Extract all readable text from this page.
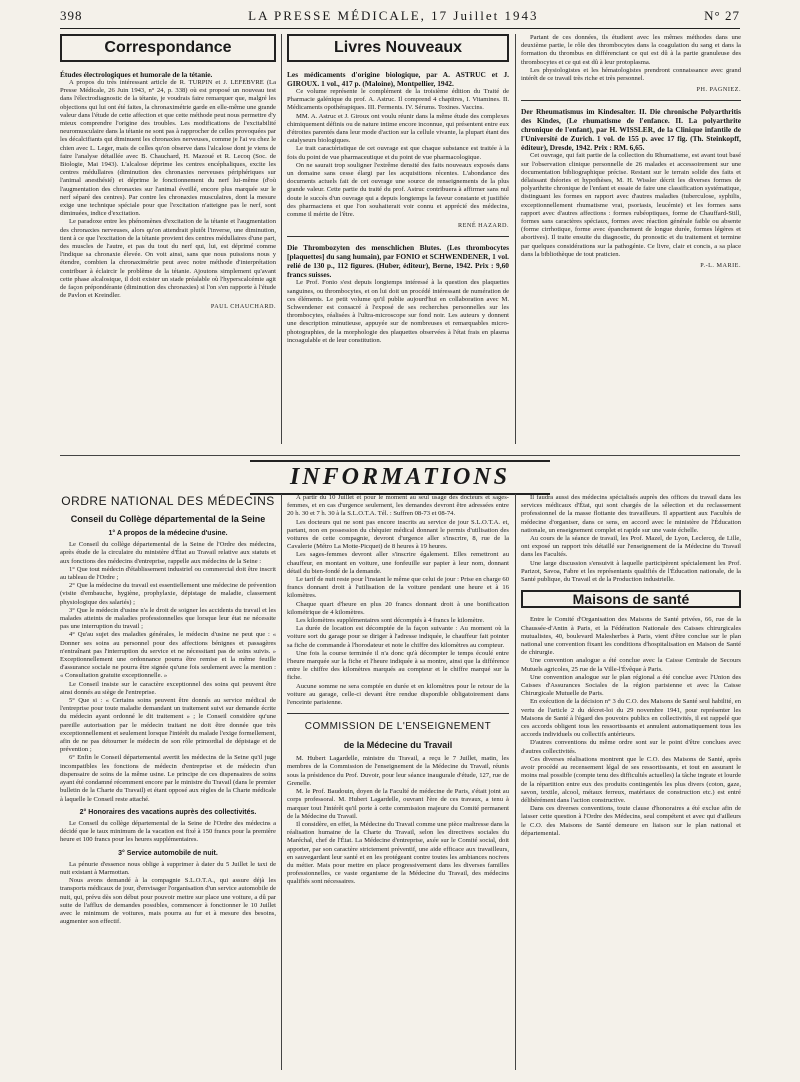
398	LA PRESSE MÉDICALE, 17 Juillet 1943	N° 27
Correspondance

Études électrologiques et humorale de la tétanie.

A propos du très intéressant article de R. TURPIN et J. LEFEBVRE (La Presse Médicale, 26 Juin 1943, n° 24, p. 338) où est proposé un nouveau test dans l'électrodiagnostic de la tétanie, je voudrais faire remarquer que, malgré les objections qui lui ont été faites, la chronaximétrie garde en elle-même une grande valeur dans l'étude de cette affection et que cette méthode peut nous permettre d'y mieux comprendre l'origine des troubles. Les modifications de l'excitabilité neuromusculaire dans la tétanie ne sont pas à rapprocher de celles provoquées par les décalcifiants qui diminuent les chronaxies nerveuses, comme je l'ai vu chez le chien avec L. Leger, mais de celles qu'on observe dans l'alcalose dont je viens de faire l'analyse détaillée avec B. Chauchard, H. Mazoué et R. Lecoq (Soc. de Biologie, Mai 1943). L'alcalose déprime les centres encéphaliques, excite les centres médullaires (diminution des chronaxies nerveuses périphériques sur l'animal anesthésié) et déprime le fonctionnement du nerf lui-même (d'où l'augmentation des chronaxies sur l'animal éveillé, encore plus marquée sur le nerf séparé des centres). Par contre les chronaxies musculaires, dont la mesure exige une technique spéciale pour que l'excitation n'atteigne pas le nerf, sont diminuées, indice d'excitation.

Le paradoxe entre les phénomènes d'excitation de la tétanie et l'augmentation des chronaxies nerveuses, alors qu'on attendrait plutôt l'inverse, une diminution, tient à ce que l'excitation de la tétanie provient des centres médullaires d'une part, des muscles de l'autre, et pas du tout du nerf qui, lui, est déprimé comme l'indique sa chronaxie élevée. On voit ainsi, sans que nous puissions nous y étendre, combien la chronaximétrie peut avec notre méthode d'interprétation contribuer à éclaircir le problème de la tétanie. Ajoutons simplement qu'avant cette phase alcalosique, il doit exister un stade préalable où l'hyperscalcémie agit de façon prépondérante (diminution des chronaxies) si l'on s'en rapporte à l'étude de Pavlon et Kreindler.

PAUL CHAUCHARD.
Livres Nouveaux

Les médicaments d'origine biologique, par A. ASTRUC et J. GIROUX. 1 vol., 417 p. (Maloine), Montpellier, 1942.

Ce volume représente le complément de la troisième édition du Traité de Pharmacie galénique du prof. A. Astruc. Il comprend 4 chapitres, I. Vitamines. II. Médicaments opothérapiques. III. Ferments. IV. Sérums. Toxines. Vaccins.

MM. A. Astruc et J. Giroux ont voulu réunir dans la même étude des complexes chimiquement définis ou de nature intime encore inconnue, qui présentent entre eux d'étroites parentés dans leur mode d'action sur la cellule vivante, la plupart étant des catalyseurs biologiques.

Le trait caractéristique de cet ouvrage est que chaque substance est traitée à la fois du point de vue pharmaceutique et du point de vue pharmacologique.

On ne saurait trop souligner l'extrême densité des faits nouveaux exposés dans un domaine sans cesse élargi par les acquisitions récentes. L'abondance des documents actuels fait de cet ouvrage une source de renseignements de la plus grande valeur. Cette partie du traité du prof. Astruc contribuera à affirmer sans nul doute le succès d'un ouvrage qui a depuis longtemps la faveur constante et justifiée des pharmaciens et que l'on souhaiterait voir connu et apprécié des médecins, comme il mérite de l'être.

RENÉ HAZARD.

Die Thrombozyten des menschlichen Blutes. (Les thrombocytes [plaquettes] du sang humain), par FONIO et SCHWENDENER, 1 vol. relié de 130 p., 112 figures. (Huber, éditeur), Berne, 1942. Prix : 9,60 francs suisses.

Le Prof. Fonio s'est depuis longtemps intéressé à la question des plaquettes sanguines, ou thrombocytes, et on lui doit un procédé intéressant de numération de ces éléments. Le petit volume qu'il publie aujourd'hui en collaboration avec M. Schwendener est consacré à l'exposé de ses recherches personnelles sur les thrombocytes, réalisées à l'ultra-microscope sur fond noir. Les auteurs y donnent une description minutieuse, appuyée sur de nombreuses et remarquables micro-photographies, de la morphologie des plaquettes observées à l'état frais en plasma incoagulable et de leur constitution.

Partant de ces données, ils étudient avec les mêmes méthodes dans une deuxième partie, le rôle des thrombocytes dans la coagulation du sang et dans la formation du thrombus en différenciant ce qui est dû à la partie granuleuse des thrombocytes et ce qui est dû à leur protoplasma.

Les physiologistes et les hématologistes prendront connaissance avec grand intérêt de ce travail très riche et très personnel.

PH. PAGNIEZ.

Der Rheumatismus im Kindesalter. II. Die chronische Polyarthritis des Kindes, (Le rhumatisme de l'enfance. II. La polyarthrite chronique de l'enfant), par H. WISSLER, de la Clinique infantile de l'Université de Zurich. 1 vol. de 155 p. avec 17 fig. (Th. Steinkopff, éditeur), Dresde, 1942. Prix : RM. 6,65.

Cet ouvrage, qui fait partie de la collection du Rhumatisme, est avant tout basé sur l'observation clinique personnelle de 26 malades et accessoirement sur une documentation bibliographique précise. Restant sur le terrain solide des faits et délaissant théories et hypothèses, M. H. Wissler décrit les diverses formes de polyarthrite chronique de l'enfant et essaie de faire une classification systématique, distinguant les formes en rapport avec d'autres maladies (tuberculose, syphilis, exceptionnellement rhumatisme vrai, psoriasis, leucémie) et les formes sans rapport avec d'autres affections : formes rubéoptiques, forme de Chauffard-Still, formes sans caractères spéciaux, formes avec réaction générale faible ou absente (forme cirrhotique, forme avec épanchement de longue durée, formes légères et abortives). Il traite ensuite du diagnostic, du pronostic et du traitement et termine par quelques considérations sur la pathogénie. Ce livre, clair et concis, a sa place dans la bibliothèque de tout praticien.

P.-L. MARIE.
INFORMATIONS
ORDRE NATIONAL DES MÉDECINS
Conseil du Collège départemental de la Seine
1° A propos de la médecine d'usine.

Le Conseil du collège départemental de la Seine de l'Ordre des médecins, après étude de la circulaire du ministère d'État au Travail relative aux statuts et aux fonctions des médecins d'entreprise, rappelle aux médecins de la Seine :

1° Que tout médecin d'établissement industriel ou commercial doit être inscrit au tableau de l'Ordre ;

2° Que la médecine du travail est essentiellement une médecine de prévention (visite d'embauche, hygiène, prophylaxie, dépistage de maladie, classement physiologique des salariés) ;

3° Que le médecin d'usine n'a le droit de soigner les accidents du travail et les malades atteints de maladies professionnelles que lorsque leur état ne nécessite pas une interruption du travail ;

4° Qu'au sujet des maladies générales, le médecin d'usine ne peut que : « Donner ses soins au personnel pour des affections bénignes et passagères n'entraînant pas l'interruption du service et ne nécessitant pas de soins suivis. » Exceptionnellement une ordonnance pourra être remise et la même feuille d'assurance sociale ne pourra être signée qu'une fois seulement avec la mention : « Consultation gratuite exceptionnelle. »

Le Conseil insiste sur le caractère exceptionnel des soins qui peuvent être ainsi donnés au siège de l'entreprise.

5° Que si : « Certains soins peuvent être donnés au service médical de l'entreprise pour toute maladie demandant un traitement suivi sur demande écrite du médecin ayant ordonné le dit traitement » ; le Conseil considère qu'une pareille autorisation par le médecin traitant ne doit être donnée que très exceptionnellement et seulement lorsque l'intérêt du malade l'exige formellement, afin de ne pas détourner le médecin de son rôle primordial de dépistage et de prévention ;

6° Enfin le Conseil départemental avertit les médecins de la Seine qu'il juge incompatibles les fonctions de médecin d'entreprise et de médecin d'un dispensaire de soins de la même usine. Le principe de ces dispensaires de soins ayant été condamné récemment encore par le ministre du Travail (dans le premier bulletin de la Charte du Travail) et étant opposé aux règles de la Charte médicale à laquelle le Conseil reste attaché.

2° Honoraires des vacations auprès des collectivités.

Le Conseil du collège départemental de la Seine de l'Ordre des médecins a décidé que le taux minimum de la vacation est fixé à 150 francs pour la première heure et 100 francs pour les heures supplémentaires.

3° Service automobile de nuit.

La pénurie d'essence nous oblige à supprimer à dater du 5 Juillet le taxi de nuit existant à Marmottan.

Nous avons demandé à la compagnie S.L.O.T.A., qui assure déjà les transports médicaux de jour, d'envisager l'organisation d'un service automobile de nuit, qui, prévu dès son début pour pouvoir mettre sur place une voiture, a dû par suite de l'afflux de demandes possibles, commencer à fonctionner le 10 Juillet avec le minimum de voitures, mais pourra au fur et à mesure des besoins, augmenter son effectif.

A partir du 10 Juillet et pour le moment au seul usage des docteurs et sages-femmes, et en cas d'urgence seulement, les demandes devront être adressées entre 20 h. 30 et 7 h. 30 à la S.L.O.T.A. Tél. : Suffren 08-73 et 08-74.

Les docteurs qui ne sont pas encore inscrits au service de jour S.L.O.T.A. et, partant, non en possession du chèquier médical donnant le permis d'utilisation des voitures de cette compagnie, devront d'urgence aller s'inscrire, 8, rue de la Cavalerie (Métro La Motte-Picquet) de 8 heures à 19 heures.

Les sages-femmes devront aller s'inscrire également. Elles remettront au chauffeur, en montant en voiture, une fonfeuille sur papier à leur nom, donnant détail du bien-fondé de la demande.

Le tarif de nuit reste pour l'instant le même que celui de jour : Prise en charge 60 francs donnant droit à l'utilisation de la voiture pendant une heure et à 16 kilomètres.

Chaque quart d'heure en plus 20 francs donnant droit à une bonification kilométrique de 4 kilomètres.

Les kilomètres supplémentaires sont décomptés à 4 francs le kilomètre.

La durée de location est décomptée de la façon suivante : Au moment où la voiture sort du garage pour se diriger à l'adresse indiquée, le chauffeur fait pointer sa fiche de commande à l'horodateur et note le chiffre des kilomètres au compteur.

Une fois la course terminée il n'a donc qu'à décompter le temps écoulé entre l'heure marquée sur la fiche et l'heure indiquée à sa montre, ainsi que la différence entre le chiffre des kilomètres marqués au compteur et le chiffre marqué sur la fiche.

Aucune somme ne sera comptée en durée et en kilomètres pour le retour de la voiture au garage, celle-ci devant être rendue disponible obligatoirement dans l'enceinte parisienne.

COMMISSION DE L'ENSEIGNEMENT
de la Médecine du Travail

M. Hubert Lagardelle, ministre du Travail, a reçu le 7 Juillet, matin, les membres de la Commission de l'enseignement de la Médecine du Travail, réunis sous la présidence du Prof. Duvoir, pour leur séance inaugurale d'étude, 127, rue de Grenelle.

M. le Prof. Baudouin, doyen de la Faculté de médecine de Paris, s'était joint au corps professoral. M. Hubert Lagardelle, ouvrant l'ère de ces travaux, a tenu à marquer tout l'intérêt qu'il porte à cette commission majeure du Comité permanent de la Médecine du Travail.

Il considère, en effet, la Médecine du Travail comme une pièce maîtresse dans la réalisation humaine de la Charte du Travail, selon les directives sociales du Maréchal, chef de l'État. La Médecine d'entreprise, axée sur le Comité social, doit apporter, par son caractère strictement préventif, une aide efficace aux travailleurs, en sauvegardant leur santé et en les protégeant contre toutes les ambiances nocives du métier. Mais pour mettre en place progressivement dans les diverses familles professionnelles, ce vaste organisme de la Médecine du Travail, des médecins qualifiés sont nécessaires.

Il faudra aussi des médecins spécialisés auprès des offices du travail dans les services médicaux d'État, qui sont chargés de la sélection et du reclassement professionnel de la masse flottante des travailleurs. Il appartient aux Facultés de médecine d'organiser, dans ce sens, en accord avec le ministère de l'Éducation nationale, un enseignement complet et rapide sur une vaste échelle.

Au cours de la séance de travail, les Prof. Mazel, de Lyon, Leclercq, de Lille, ont exposé un rapport très détaillé sur l'enseignement de la Médecine du Travail dans les Facultés.

Une large discussion s'ensuivit à laquelle participèrent spécialement les Prof. Parizot, Savoa, Fabre et les représentants qualifiés de l'Éducation nationale, de la Santé publique, du Travail et de la Production industrielle.

Maisons de santé

Entre le Comité d'Organisation des Maisons de Santé privées, 66, rue de la Chaussée-d'Antin à Paris, et la Fédération Nationale des Caisses chirurgicales mutualistes, 40, boulevard Malesherbes à Paris, vient d'être conclue sur le plan national une convention fixant les conditions d'hospitalisation en Maison de Santé de chirurgie.

Une convention analogue a été conclue avec la Caisse Centrale de Secours Mutuels agricoles, 25 rue de la Ville-l'Évêque à Paris.

Une convention analogue sur le plan régional a été conclue avec l'Union des Caisses d'Assurances Sociales de la région parisienne et avec la Caisse Chirurgicale Mutuelle de Paris.

En exécution de la décision n° 3 du C.O. des Maisons de Santé seul habilité, en vertu de l'article 2 du décret-loi du 29 novembre 1941, pour représenter les Maisons de Santé à l'égard des pouvoirs publics en collectivités, il est rappelé que ces accords obligent tous les ressortissants et annulent automatiquement tous les accords individuels ou collectifs antérieurs.

D'autres conventions du même ordre sont sur le point d'être conclues avec d'autres collectivités.

Ces diverses réalisations montrent que le C.O. des Maisons de Santé, après avoir procédé au recensement légal de ses ressortissants, et tout en assurant le moins mal possible (compte tenu des difficultés actuelles) la tâche ingrate et lourde de la répartition entre eux des produits contingentés les plus divers (coton, gaze, savon, textile, alcool, métaux ferreux, matériaux de construction etc.) est entré délibérément dans l'action constructive.

Dans ces diverses conventions, toute clause d'honoraires a été exclue afin de laisser cette question à l'Ordre des Médecins, seul compétent et avec qui d'ailleurs le C.O. des Maisons de Santé demeure en liaison sur le plan national et départemental.
